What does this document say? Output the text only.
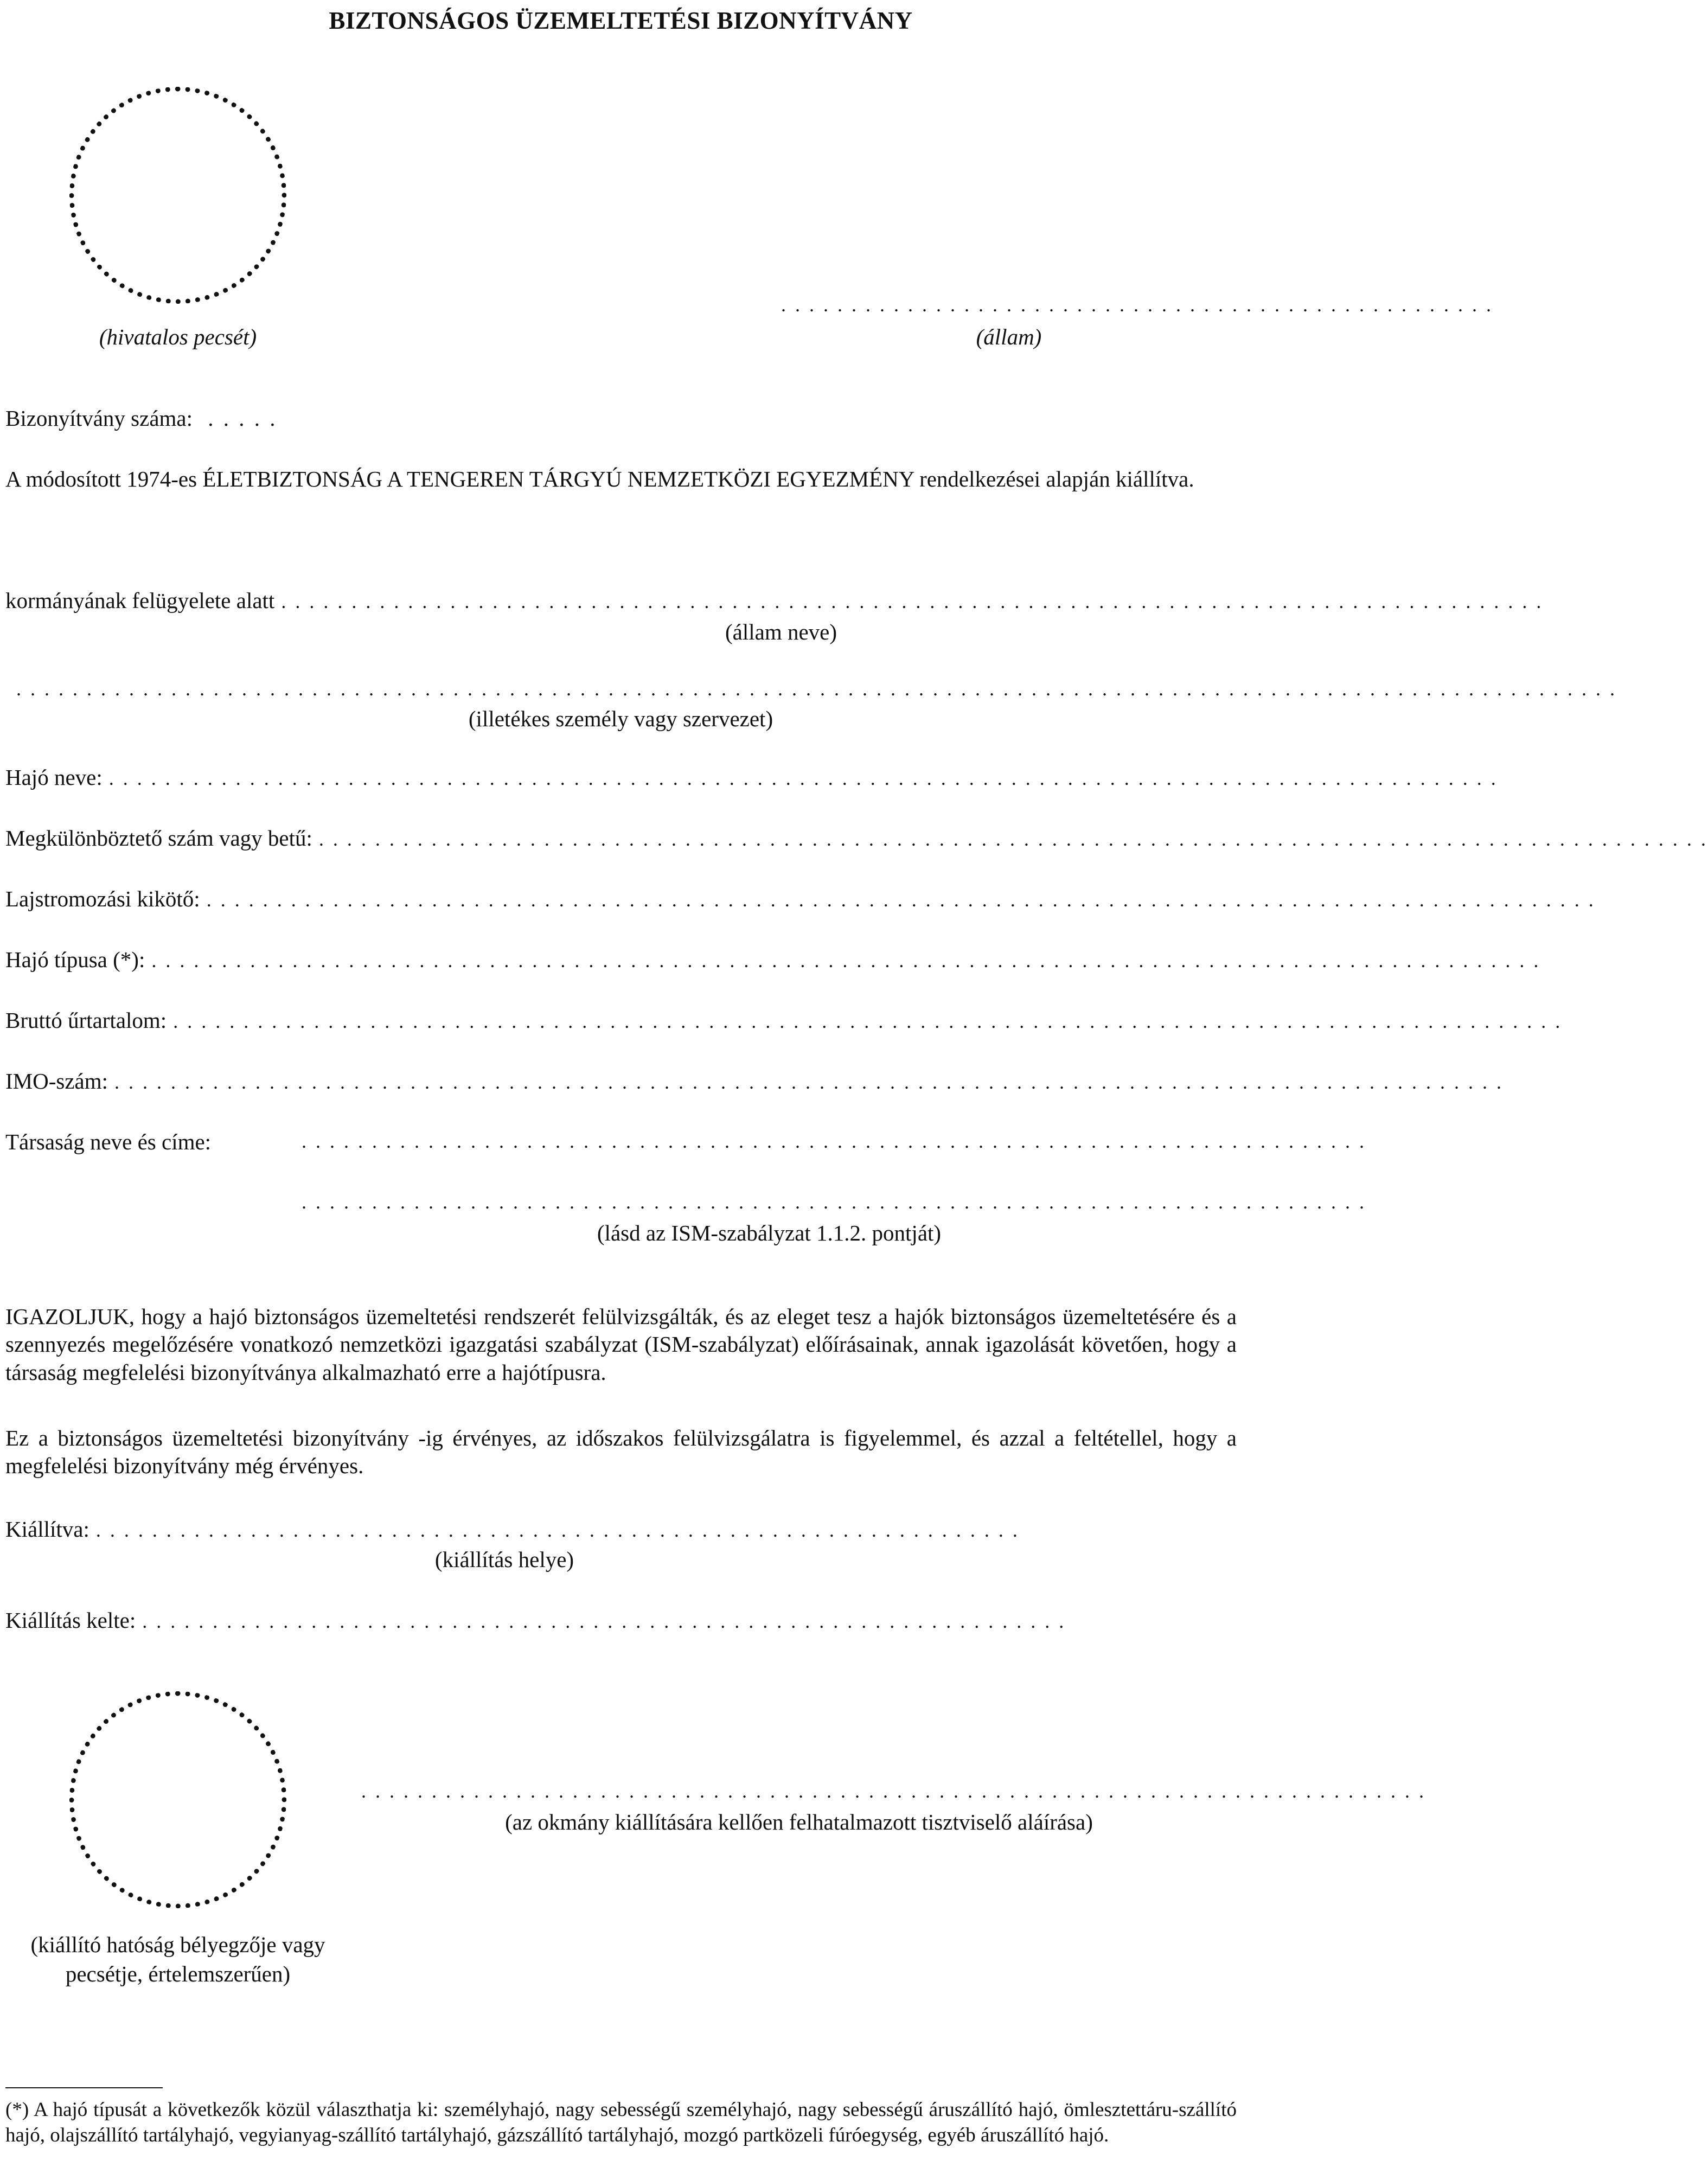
BIZTONSÁGOS ÜZEMELTETÉSI BIZONYÍTVÁNY
(hivatalos pecsét)
. . . . . . . . . . . . . . . . . . . . . . . . . . . . . . . . . . . . . . . . . . . . . . . . . . .
(állam)
Bizonyítvány száma: . . . . .
A módosított 1974-es ÉLETBIZTONSÁG A TENGEREN TÁRGYÚ NEMZETKÖZI EGYEZMÉNY rendelkezései alapján kiállítva.
kormányának felügyelete alatt . . . . . . . . . . . . . . . . . . . . . . . . . . . . . . . . . . . . . . . . . . . . . . . . . . . . . . . . . . . . . . . . . . . . . . . . . . . . . . . . . . . . . . . . . .
(állam neve)
. . . . . . . . . . . . . . . . . . . . . . . . . . . . . . . . . . . . . . . . . . . . . . . . . . . . . . . . . . . . . . . . . . . . . . . . . . . . . . . . . . . . . . . . . . . . . . . . . . . . . . . . . . . . . . . . . .
(illetékes személy vagy szervezet)
Hajó neve: . . . . . . . . . . . . . . . . . . . . . . . . . . . . . . . . . . . . . . . . . . . . . . . . . . . . . . . . . . . . . . . . . . . . . . . . . . . . . . . . . . . . . . . . . . . . . . . . . . .
Megkülönböztető szám vagy betű: . . . . . . . . . . . . . . . . . . . . . . . . . . . . . . . . . . . . . . . . . . . . . . . . . . . . . . . . . . . . . . . . . . . . . . . . . . . . . . . . . . . . . . . . . . . . . . . . . . .
Lajstromozási kikötő: . . . . . . . . . . . . . . . . . . . . . . . . . . . . . . . . . . . . . . . . . . . . . . . . . . . . . . . . . . . . . . . . . . . . . . . . . . . . . . . . . . . . . . . . . . . . . . . . . . .
Hajó típusa (*): . . . . . . . . . . . . . . . . . . . . . . . . . . . . . . . . . . . . . . . . . . . . . . . . . . . . . . . . . . . . . . . . . . . . . . . . . . . . . . . . . . . . . . . . . . . . . . . . . . .
Bruttó űrtartalom: . . . . . . . . . . . . . . . . . . . . . . . . . . . . . . . . . . . . . . . . . . . . . . . . . . . . . . . . . . . . . . . . . . . . . . . . . . . . . . . . . . . . . . . . . . . . . . . . . . .
IMO-szám: . . . . . . . . . . . . . . . . . . . . . . . . . . . . . . . . . . . . . . . . . . . . . . . . . . . . . . . . . . . . . . . . . . . . . . . . . . . . . . . . . . . . . . . . . . . . . . . . . . .
Társaság neve és címe:	. . . . . . . . . . . . . . . . . . . . . . . . . . . . . . . . . . . . . . . . . . . . . . . . . . . . . . . . . . . . . . . . . . . . . . . . . . . .
. . . . . . . . . . . . . . . . . . . . . . . . . . . . . . . . . . . . . . . . . . . . . . . . . . . . . . . . . . . . . . . . . . . . . . . . . . . .
(lásd az ISM-szabályzat 1.1.2. pontját)
IGAZOLJUK, hogy a hajó biztonságos üzemeltetési rendszerét felülvizsgálták, és az eleget tesz a hajók biztonságos üzemeltetésére és a szennyezés megelőzésére vonatkozó nemzetközi igazgatási szabályzat (ISM-szabályzat) előírásainak, annak igazolását követően, hogy a társaság megfelelési bizonyítványa alkalmazható erre a hajótípusra.
Ez a biztonságos üzemeltetési bizonyítvány -ig érvényes, az időszakos felülvizsgálatra is figyelemmel, és azzal a feltétellel, hogy a megfelelési bizonyítvány még érvényes.
Kiállítva: . . . . . . . . . . . . . . . . . . . . . . . . . . . . . . . . . . . . . . . . . . . . . . . . . . . . . . . . . . . . . . . . . .
(kiállítás helye)
Kiállítás kelte: . . . . . . . . . . . . . . . . . . . . . . . . . . . . . . . . . . . . . . . . . . . . . . . . . . . . . . . . . . . . . . . . . .
(kiállító hatóság bélyegzője vagy
pecsétje, értelemszerűen)
. . . . . . . . . . . . . . . . . . . . . . . . . . . . . . . . . . . . . . . . . . . . . . . . . . . . . . . . . . . . . . . . . . . . . . . . . . . .
(az okmány kiállítására kellően felhatalmazott tisztviselő aláírása)
(*) A hajó típusát a következők közül választhatja ki: személyhajó, nagy sebességű személyhajó, nagy sebességű áruszállító hajó, ömlesztettáru-szállító hajó, olajszállító tartályhajó, vegyianyag-szállító tartályhajó, gázszállító tartályhajó, mozgó partközeli fúróegység, egyéb áruszállító hajó.
